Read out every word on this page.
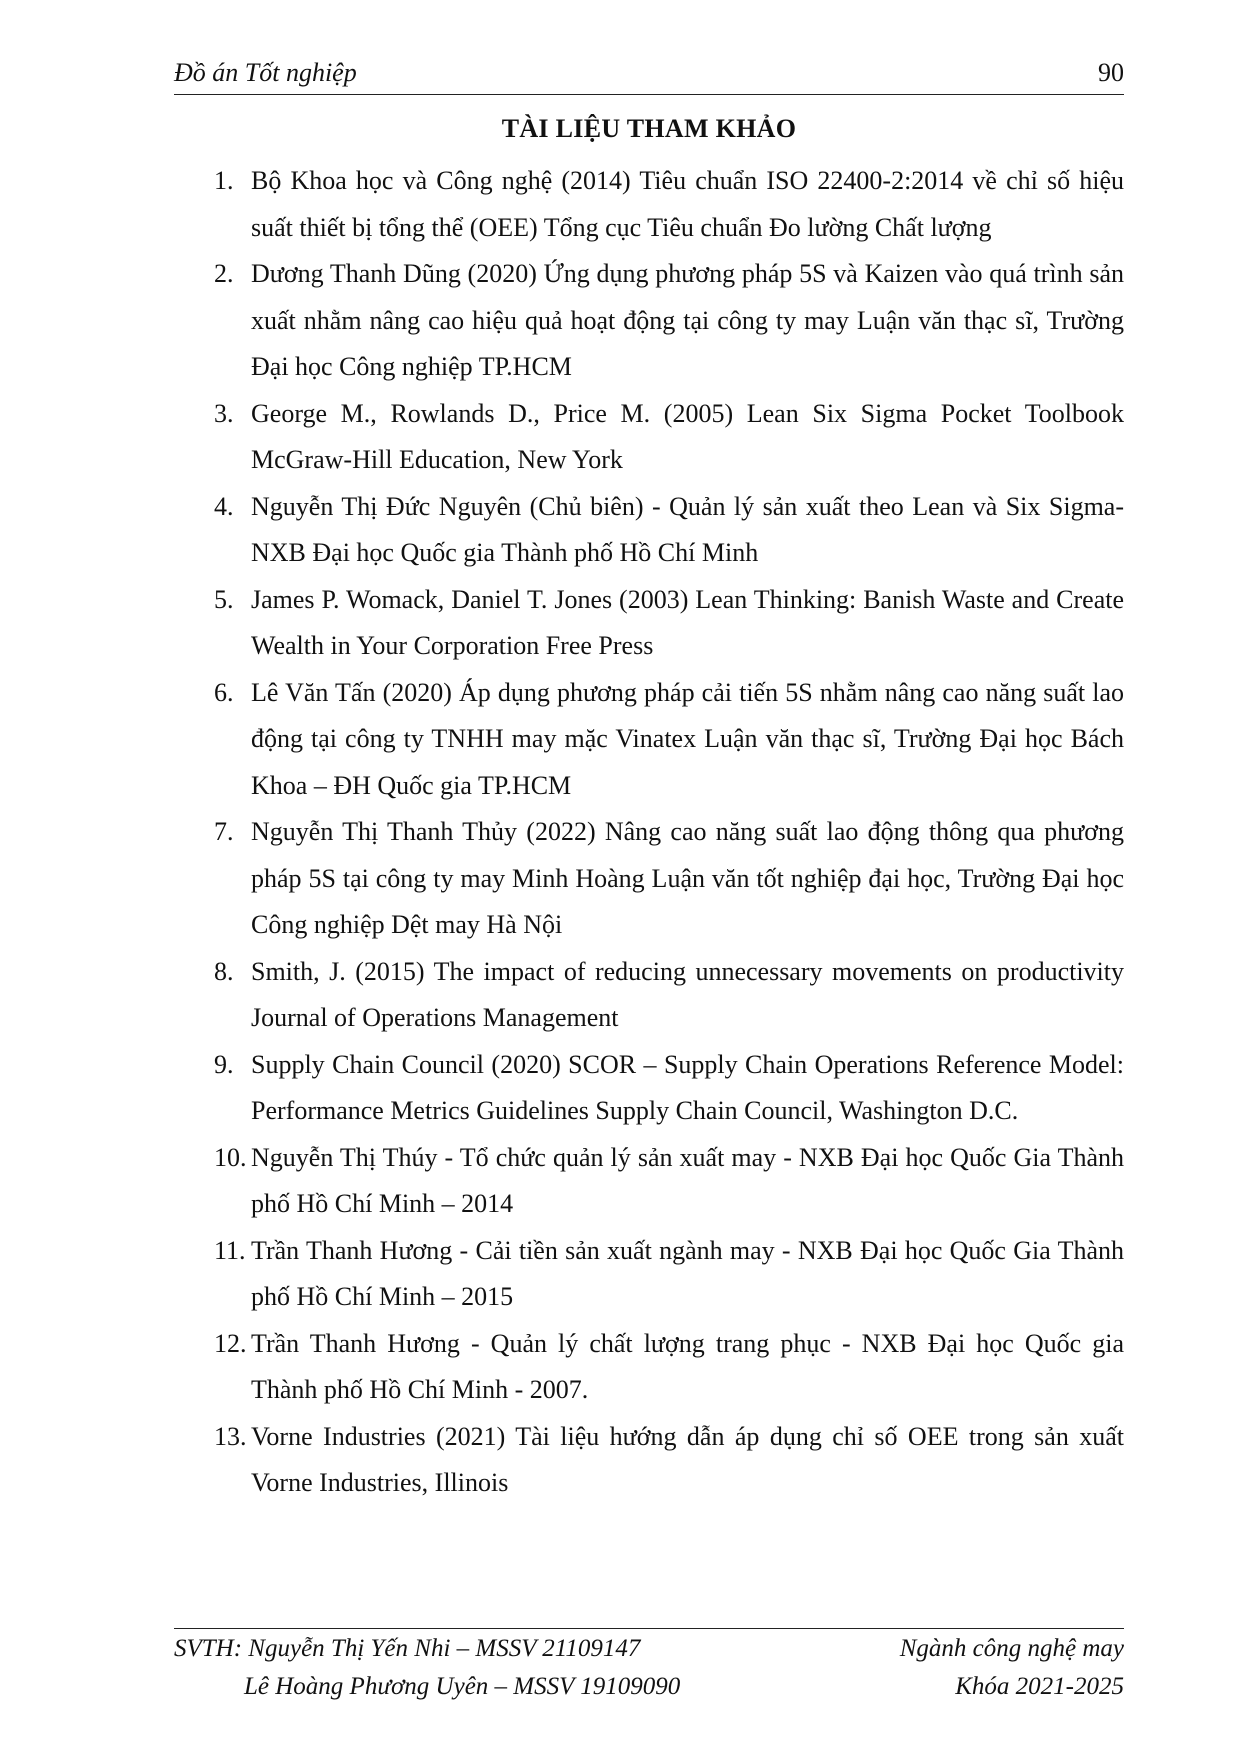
Đồ án Tốt nghiệp	90
TÀI LIỆU THAM KHẢO
1. Bộ Khoa học và Công nghệ (2014) Tiêu chuẩn ISO 22400-2:2014 về chỉ số hiệu suất thiết bị tổng thể (OEE) Tổng cục Tiêu chuẩn Đo lường Chất lượng
2. Dương Thanh Dũng (2020) Ứng dụng phương pháp 5S và Kaizen vào quá trình sản xuất nhằm nâng cao hiệu quả hoạt động tại công ty may Luận văn thạc sĩ, Trường Đại học Công nghiệp TP.HCM
3. George M., Rowlands D., Price M. (2005) Lean Six Sigma Pocket Toolbook McGraw-Hill Education, New York
4. Nguyễn Thị Đức Nguyên (Chủ biên) - Quản lý sản xuất theo Lean và Six Sigma- NXB Đại học Quốc gia Thành phố Hồ Chí Minh
5. James P. Womack, Daniel T. Jones (2003) Lean Thinking: Banish Waste and Create Wealth in Your Corporation Free Press
6. Lê Văn Tấn (2020) Áp dụng phương pháp cải tiến 5S nhằm nâng cao năng suất lao động tại công ty TNHH may mặc Vinatex Luận văn thạc sĩ, Trường Đại học Bách Khoa – ĐH Quốc gia TP.HCM
7. Nguyễn Thị Thanh Thủy (2022) Nâng cao năng suất lao động thông qua phương pháp 5S tại công ty may Minh Hoàng Luận văn tốt nghiệp đại học, Trường Đại học Công nghiệp Dệt may Hà Nội
8. Smith, J. (2015) The impact of reducing unnecessary movements on productivity Journal of Operations Management
9. Supply Chain Council (2020) SCOR – Supply Chain Operations Reference Model: Performance Metrics Guidelines Supply Chain Council, Washington D.C.
10. Nguyễn Thị Thúy - Tổ chức quản lý sản xuất may - NXB Đại học Quốc Gia Thành phố Hồ Chí Minh – 2014
11. Trần Thanh Hương - Cải tiền sản xuất ngành may - NXB Đại học Quốc Gia Thành phố Hồ Chí Minh – 2015
12. Trần Thanh Hương - Quản lý chất lượng trang phục - NXB Đại học Quốc gia Thành phố Hồ Chí Minh - 2007.
13. Vorne Industries (2021) Tài liệu hướng dẫn áp dụng chỉ số OEE trong sản xuất Vorne Industries, Illinois
SVTH: Nguyễn Thị Yến Nhi – MSSV 21109147	Ngành công nghệ may
Lê Hoàng Phương Uyên – MSSV 19109090	Khóa 2021-2025
